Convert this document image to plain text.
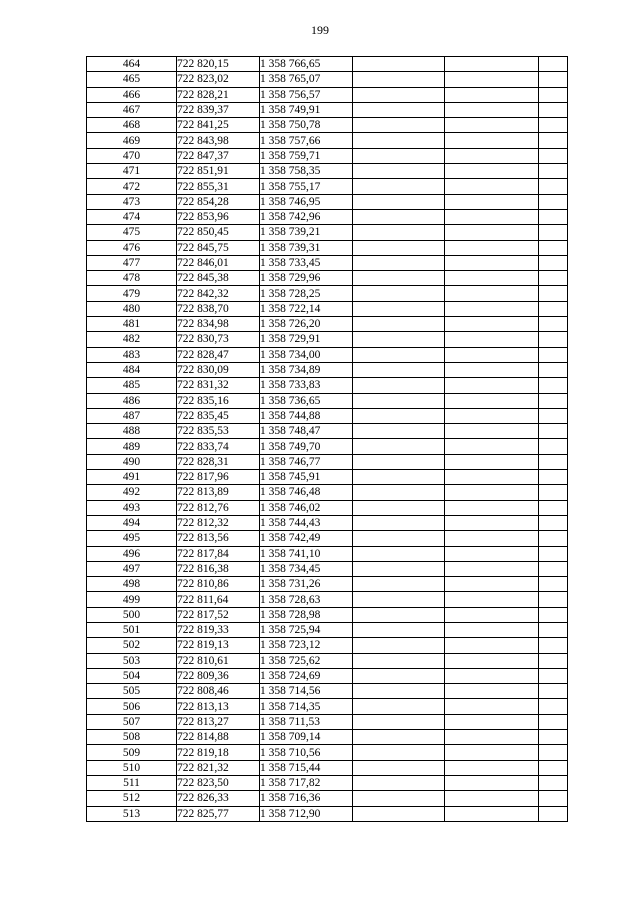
199
464	722 820,15	1 358 766,65			
465	722 823,02	1 358 765,07			
466	722 828,21	1 358 756,57			
467	722 839,37	1 358 749,91			
468	722 841,25	1 358 750,78			
469	722 843,98	1 358 757,66			
470	722 847,37	1 358 759,71			
471	722 851,91	1 358 758,35			
472	722 855,31	1 358 755,17			
473	722 854,28	1 358 746,95			
474	722 853,96	1 358 742,96			
475	722 850,45	1 358 739,21			
476	722 845,75	1 358 739,31			
477	722 846,01	1 358 733,45			
478	722 845,38	1 358 729,96			
479	722 842,32	1 358 728,25			
480	722 838,70	1 358 722,14			
481	722 834,98	1 358 726,20			
482	722 830,73	1 358 729,91			
483	722 828,47	1 358 734,00			
484	722 830,09	1 358 734,89			
485	722 831,32	1 358 733,83			
486	722 835,16	1 358 736,65			
487	722 835,45	1 358 744,88			
488	722 835,53	1 358 748,47			
489	722 833,74	1 358 749,70			
490	722 828,31	1 358 746,77			
491	722 817,96	1 358 745,91			
492	722 813,89	1 358 746,48			
493	722 812,76	1 358 746,02			
494	722 812,32	1 358 744,43			
495	722 813,56	1 358 742,49			
496	722 817,84	1 358 741,10			
497	722 816,38	1 358 734,45			
498	722 810,86	1 358 731,26			
499	722 811,64	1 358 728,63			
500	722 817,52	1 358 728,98			
501	722 819,33	1 358 725,94			
502	722 819,13	1 358 723,12			
503	722 810,61	1 358 725,62			
504	722 809,36	1 358 724,69			
505	722 808,46	1 358 714,56			
506	722 813,13	1 358 714,35			
507	722 813,27	1 358 711,53			
508	722 814,88	1 358 709,14			
509	722 819,18	1 358 710,56			
510	722 821,32	1 358 715,44			
511	722 823,50	1 358 717,82			
512	722 826,33	1 358 716,36			
513	722 825,77	1 358 712,90			
